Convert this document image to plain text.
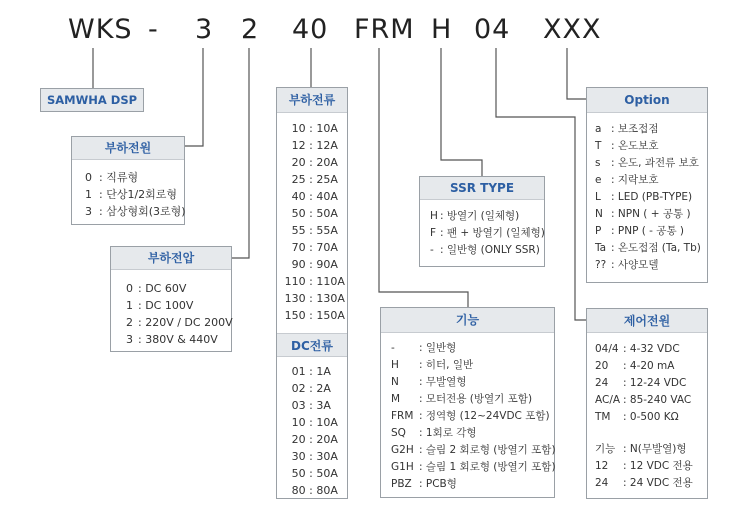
WKS - 3 2 40 FRM H 04 XXX
SAMWHA DSP
부하전원
0 : 직류형
1 : 단상1/2회로형
3 : 삼상형회(3로형)
부하전압
0 : DC 60V
1 : DC 100V
2 : 220V / DC 200V
3 : 380V & 440V
부하전류
10 : 10A
12 : 12A
20 : 20A
25 : 25A
40 : 40A
50 : 50A
55 : 55A
70 : 70A
90 : 90A
110 : 110A
130 : 130A
150 : 150A
DC전류
01 : 1A
02 : 2A
03 : 3A
10 : 10A
20 : 20A
30 : 30A
50 : 50A
80 : 80A
SSR TYPE
H : 방열기 (일체형)
F : 팬 + 방열기 (일체형)
- : 일반형 (ONLY SSR)
기능
- : 일반형
H : 히터, 일반
N : 무발열형
M : 모터전용 (방열기 포함)
FRM : 정역형 (12~24VDC 포함)
SQ : 1회로 각형
G2H : 슬림 2 회로형 (방열기 포함)
G1H : 슬림 1 회로형 (방열기 포함)
PBZ : PCB형
Option
a : 보조접점
T : 온도보호
s : 온도, 과전류 보호
e : 지락보호
L : LED (PB-TYPE)
N : NPN ( + 공통 )
P : PNP ( - 공통 )
Ta : 온도접점 (Ta, Tb)
?? : 사양모델
제어전원
04/4 : 4-32 VDC
20 : 4-20 mA
24 : 12-24 VDC
AC/A : 85-240 VAC
TM : 0-500 KΩ
기능 : N(무발열)형
12 : 12 VDC 전용
24 : 24 VDC 전용
